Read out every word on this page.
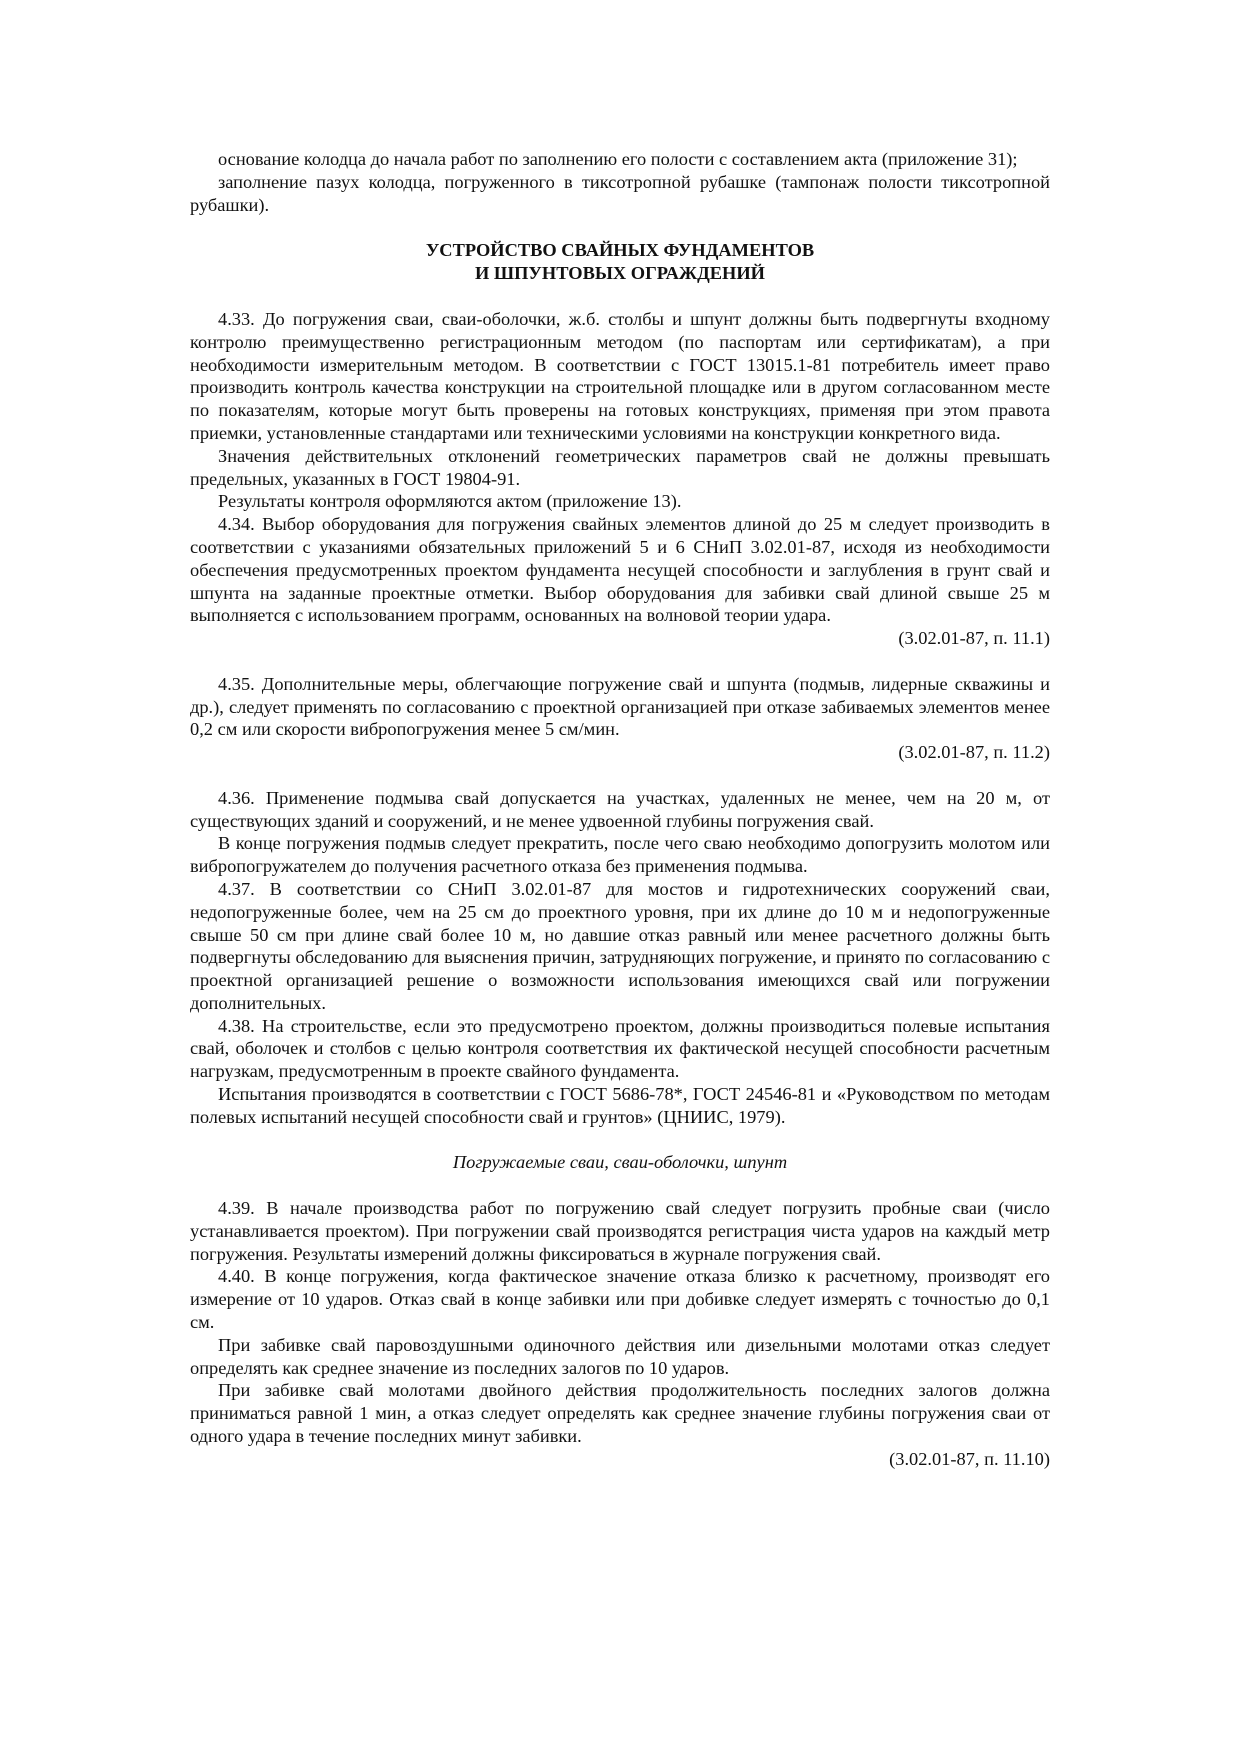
основание колодца до начала работ по заполнению его полости с составлением акта (приложение 31);

заполнение пазух колодца, погруженного в тиксотропной рубашке (тампонаж полости тиксотропной рубашки).

УСТРОЙСТВО СВАЙНЫХ ФУНДАМЕНТОВ
И ШПУНТОВЫХ ОГРАЖДЕНИЙ

4.33. До погружения сваи, сваи-оболочки, ж.б. столбы и шпунт должны быть подвергнуты входному контролю преимущественно регистрационным методом (по паспортам или сертификатам), а при необходимости измерительным методом. В соответствии с ГОСТ 13015.1-81 потребитель имеет право производить контроль качества конструкции на строительной площадке или в другом согласованном месте по показателям, которые могут быть проверены на готовых конструкциях, применяя при этом правота приемки, установленные стандартами или техническими условиями на конструкции конкретного вида.

Значения действительных отклонений геометрических параметров свай не должны превышать предельных, указанных в ГОСТ 19804-91.

Результаты контроля оформляются актом (приложение 13).

4.34. Выбор оборудования для погружения свайных элементов длиной до 25 м следует производить в соответствии с указаниями обязательных приложений 5 и 6 СНиП 3.02.01-87, исходя из необходимости обеспечения предусмотренных проектом фундамента несущей способности и заглубления в грунт свай и шпунта на заданные проектные отметки. Выбор оборудования для забивки свай длиной свыше 25 м выполняется с использованием программ, основанных на волновой теории удара.

(3.02.01-87, п. 11.1)

4.35. Дополнительные меры, облегчающие погружение свай и шпунта (подмыв, лидерные скважины и др.), следует применять по согласованию с проектной организацией при отказе забиваемых элементов менее 0,2 см или скорости вибропогружения менее 5 см/мин.

(3.02.01-87, п. 11.2)

4.36. Применение подмыва свай допускается на участках, удаленных не менее, чем на 20 м, от существующих зданий и сооружений, и не менее удвоенной глубины погружения свай.

В конце погружения подмыв следует прекратить, после чего сваю необходимо допогрузить молотом или вибропогружателем до получения расчетного отказа без применения подмыва.

4.37. В соответствии со СНиП 3.02.01-87 для мостов и гидротехнических сооружений сваи, недопогруженные более, чем на 25 см до проектного уровня, при их длине до 10 м и недопогруженные свыше 50 см при длине свай более 10 м, но давшие отказ равный или менее расчетного должны быть подвергнуты обследованию для выяснения причин, затрудняющих погружение, и принято по согласованию с проектной организацией решение о возможности использования имеющихся свай или погружении дополнительных.

4.38. На строительстве, если это предусмотрено проектом, должны производиться полевые испытания свай, оболочек и столбов с целью контроля соответствия их фактической несущей способности расчетным нагрузкам, предусмотренным в проекте свайного фундамента.

Испытания производятся в соответствии с ГОСТ 5686-78*, ГОСТ 24546-81 и «Руководством по методам полевых испытаний несущей способности свай и грунтов» (ЦНИИС, 1979).

Погружаемые сваи, сваи-оболочки, шпунт

4.39. В начале производства работ по погружению свай следует погрузить пробные сваи (число устанавливается проектом). При погружении свай производятся регистрация чиста ударов на каждый метр погружения. Результаты измерений должны фиксироваться в журнале погружения свай.

4.40. В конце погружения, когда фактическое значение отказа близко к расчетному, производят его измерение от 10 ударов. Отказ свай в конце забивки или при добивке следует измерять с точностью до 0,1 см.

При забивке свай паровоздушными одиночного действия или дизельными молотами отказ следует определять как среднее значение из последних залогов по 10 ударов.

При забивке свай молотами двойного действия продолжительность последних залогов должна приниматься равной 1 мин, а отказ следует определять как среднее значение глубины погружения сваи от одного удара в течение последних минут забивки.

(3.02.01-87, п. 11.10)
